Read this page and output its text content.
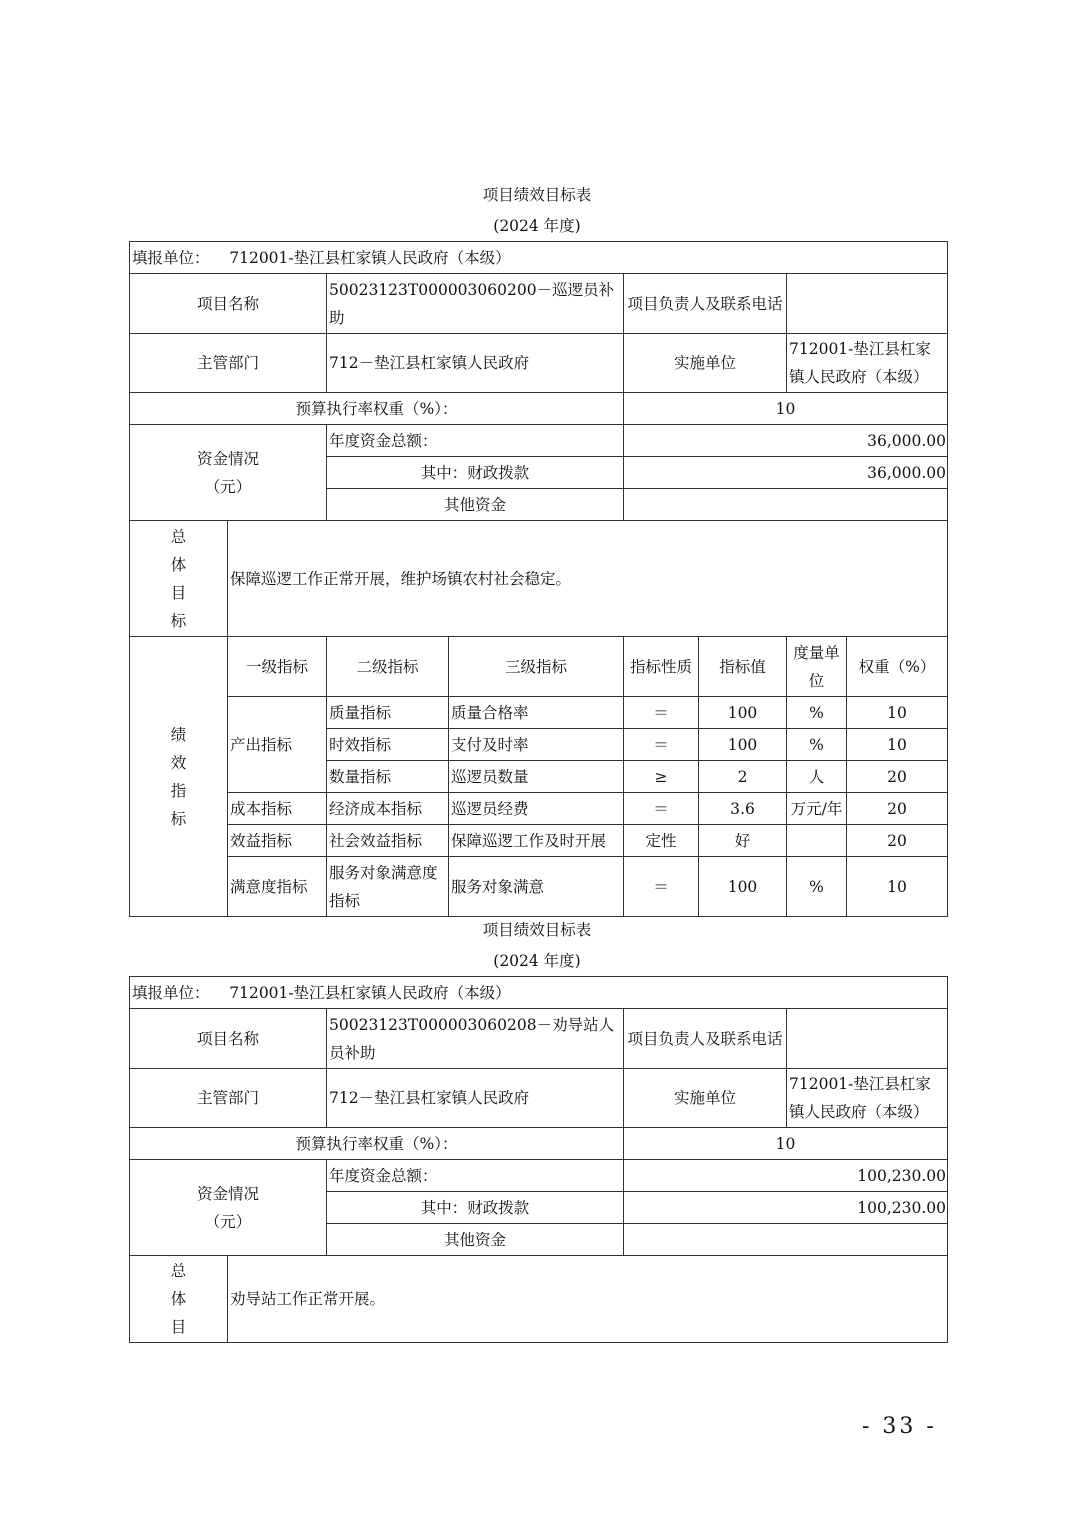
项目绩效目标表
(2024 年度)
填报单位： 712001-垫江县杠家镇人民政府（本级）							
项目名称		50023123T000003060200－巡逻员补助		项目负责人及联系电话			
主管部门		712－垫江县杠家镇人民政府		实施单位		712001-垫江县杠家镇人民政府（本级）	
预算执行率权重（%）：				10			

资金情况（元）		年度资金总额：		36,000.00			
		其中：财政拨款		36,000.00			
		其他资金					

总体目标	保障巡逻工作正常开展，维护场镇农村社会稳定。						

绩效指标	一级指标	二级指标	三级指标	指标性质	指标值	度量单位	权重（%）
	产出指标	质量指标	质量合格率	＝	100	%	10
		时效指标	支付及时率	＝	100	%	10
		数量指标	巡逻员数量	≥	2	人	20
	成本指标	经济成本指标	巡逻员经费	＝	3.6	万元/年	20
	效益指标	社会效益指标	保障巡逻工作及时开展	定性	好		20
	满意度指标	服务对象满意度指标	服务对象满意	＝	100	%	10
项目绩效目标表
(2024 年度)
填报单位： 712001-垫江县杠家镇人民政府（本级）				
项目名称		50023123T000003060208－劝导站人员补助	项目负责人及联系电话	
主管部门		712－垫江县杠家镇人民政府	实施单位	712001-垫江县杠家镇人民政府（本级）
预算执行率权重（%）：			10	

资金情况（元）		年度资金总额：	100,230.00	
		其中：财政拨款	100,230.00	
		其他资金		

总体目	劝导站工作正常开展。			
- 33 -
